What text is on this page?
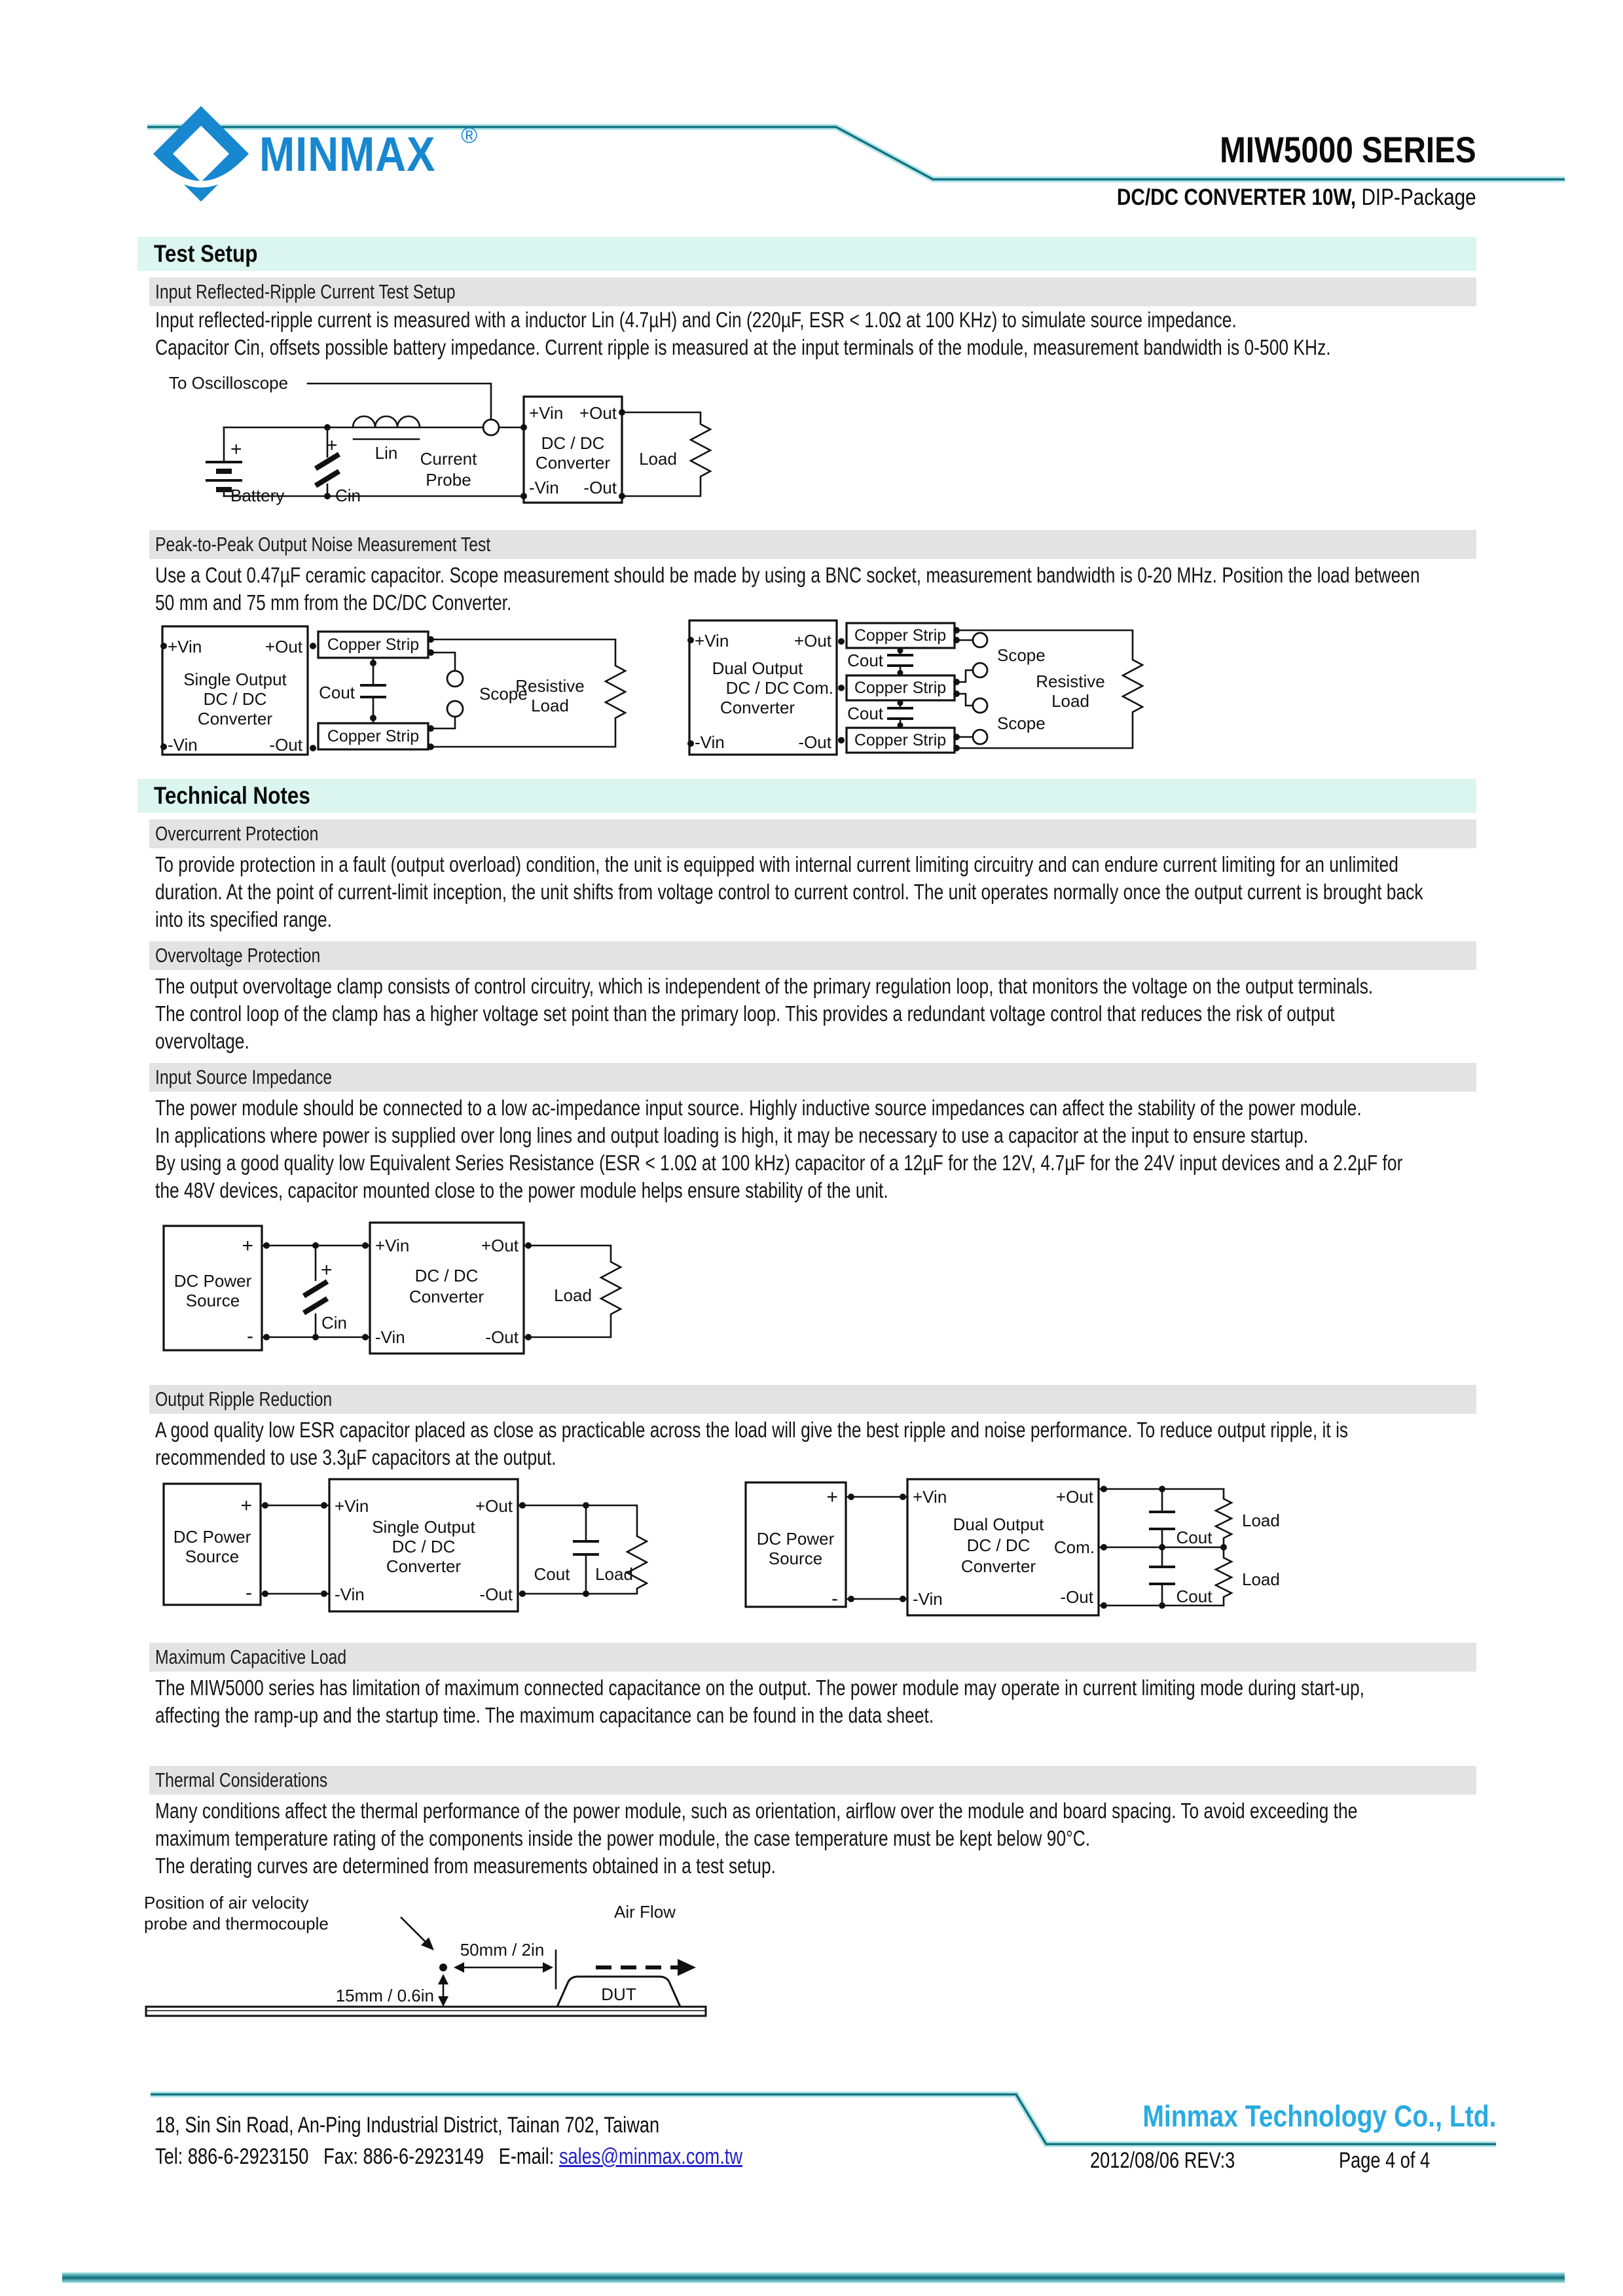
MINMAX ®	MIW5000 SERIES
DC/DC CONVERTER 10W, DIP-Package
Test Setup
Input Reflected-Ripple Current Test Setup
Input reflected-ripple current is measured with a inductor Lin (4.7µH) and Cin (220µF, ESR < 1.0Ω at 100 KHz) to simulate source impedance.
Capacitor Cin, offsets possible battery impedance. Current ripple is measured at the input terminals of the module, measurement bandwidth is 0-500 KHz.
To Oscilloscope
+
Battery
+
Cin
Lin Current
Probe
+Vin +Out
-Vin -Out
DC / DC
Converter Load
Peak-to-Peak Output Noise Measurement Test
Use a Cout 0.47µF ceramic capacitor. Scope measurement should be made by using a BNC socket, measurement bandwidth is 0-20 MHz. Position the load between
50 mm and 75 mm from the DC/DC Converter.
+Vin	+Out
-Vin	-Out
Single Output
DC / DC
Converter
Copper Strip
Copper Strip
Cout	Scope
Resistive
Load
+Vin	+Out
Com.
-Vin	-Out
Dual Output
DC / DC
Converter
Copper Strip
Copper Strip
Copper Strip
Cout
Cout
Scope
Scope
Resistive
Load
Technical Notes
Overcurrent Protection
To provide protection in a fault (output overload) condition, the unit is equipped with internal current limiting circuitry and can endure current limiting for an unlimited
duration. At the point of current-limit inception, the unit shifts from voltage control to current control. The unit operates normally once the output current is brought back
into its specified range.
Overvoltage Protection
The output overvoltage clamp consists of control circuitry, which is independent of the primary regulation loop, that monitors the voltage on the output terminals.
The control loop of the clamp has a higher voltage set point than the primary loop. This provides a redundant voltage control that reduces the risk of output
overvoltage.
Input Source Impedance
The power module should be connected to a low ac-impedance input source. Highly inductive source impedances can affect the stability of the power module.
In applications where power is supplied over long lines and output loading is high, it may be necessary to use a capacitor at the input to ensure startup.
By using a good quality low Equivalent Series Resistance (ESR < 1.0Ω at 100 kHz) capacitor of a 12µF for the 12V, 4.7µF for the 24V input devices and a 2.2µF for
the 48V devices, capacitor mounted close to the power module helps ensure stability of the unit.
DC Power
Source
+
-
+
Cin
+Vin	+Out
-Vin	-Out
DC / DC
Converter	Load
Output Ripple Reduction
A good quality low ESR capacitor placed as close as practicable across the load will give the best ripple and noise performance. To reduce output ripple, it is
recommended to use 3.3µF capacitors at the output.
DC Power
Source
+
-
+Vin	+Out
-Vin	-Out
Single Output
DC / DC
Converter	Cout Load
DC Power
Source
+
-
+Vin	+Out
Com.
-Vin	-Out
Dual Output
DC / DC
Converter
Cout
Cout
Load
Load
Maximum Capacitive Load
The MIW5000 series has limitation of maximum connected capacitance on the output. The power module may operate in current limiting mode during start-up,
affecting the ramp-up and the startup time. The maximum capacitance can be found in the data sheet.
Thermal Considerations
Many conditions affect the thermal performance of the power module, such as orientation, airflow over the module and board spacing. To avoid exceeding the
maximum temperature rating of the components inside the power module, the case temperature must be kept below 90°C.
The derating curves are determined from measurements obtained in a test setup.
Position of air velocity
probe and thermocouple
15mm / 0.6in
50mm / 2in
Air Flow
DUT
18, Sin Sin Road, An-Ping Industrial District, Tainan 702, Taiwan
Tel: 886-6-2923150 Fax: 886-6-2923149 E-mail: sales@minmax.com.tw
Minmax Technology Co., Ltd.
2012/08/06 REV:3	Page 4 of 4
